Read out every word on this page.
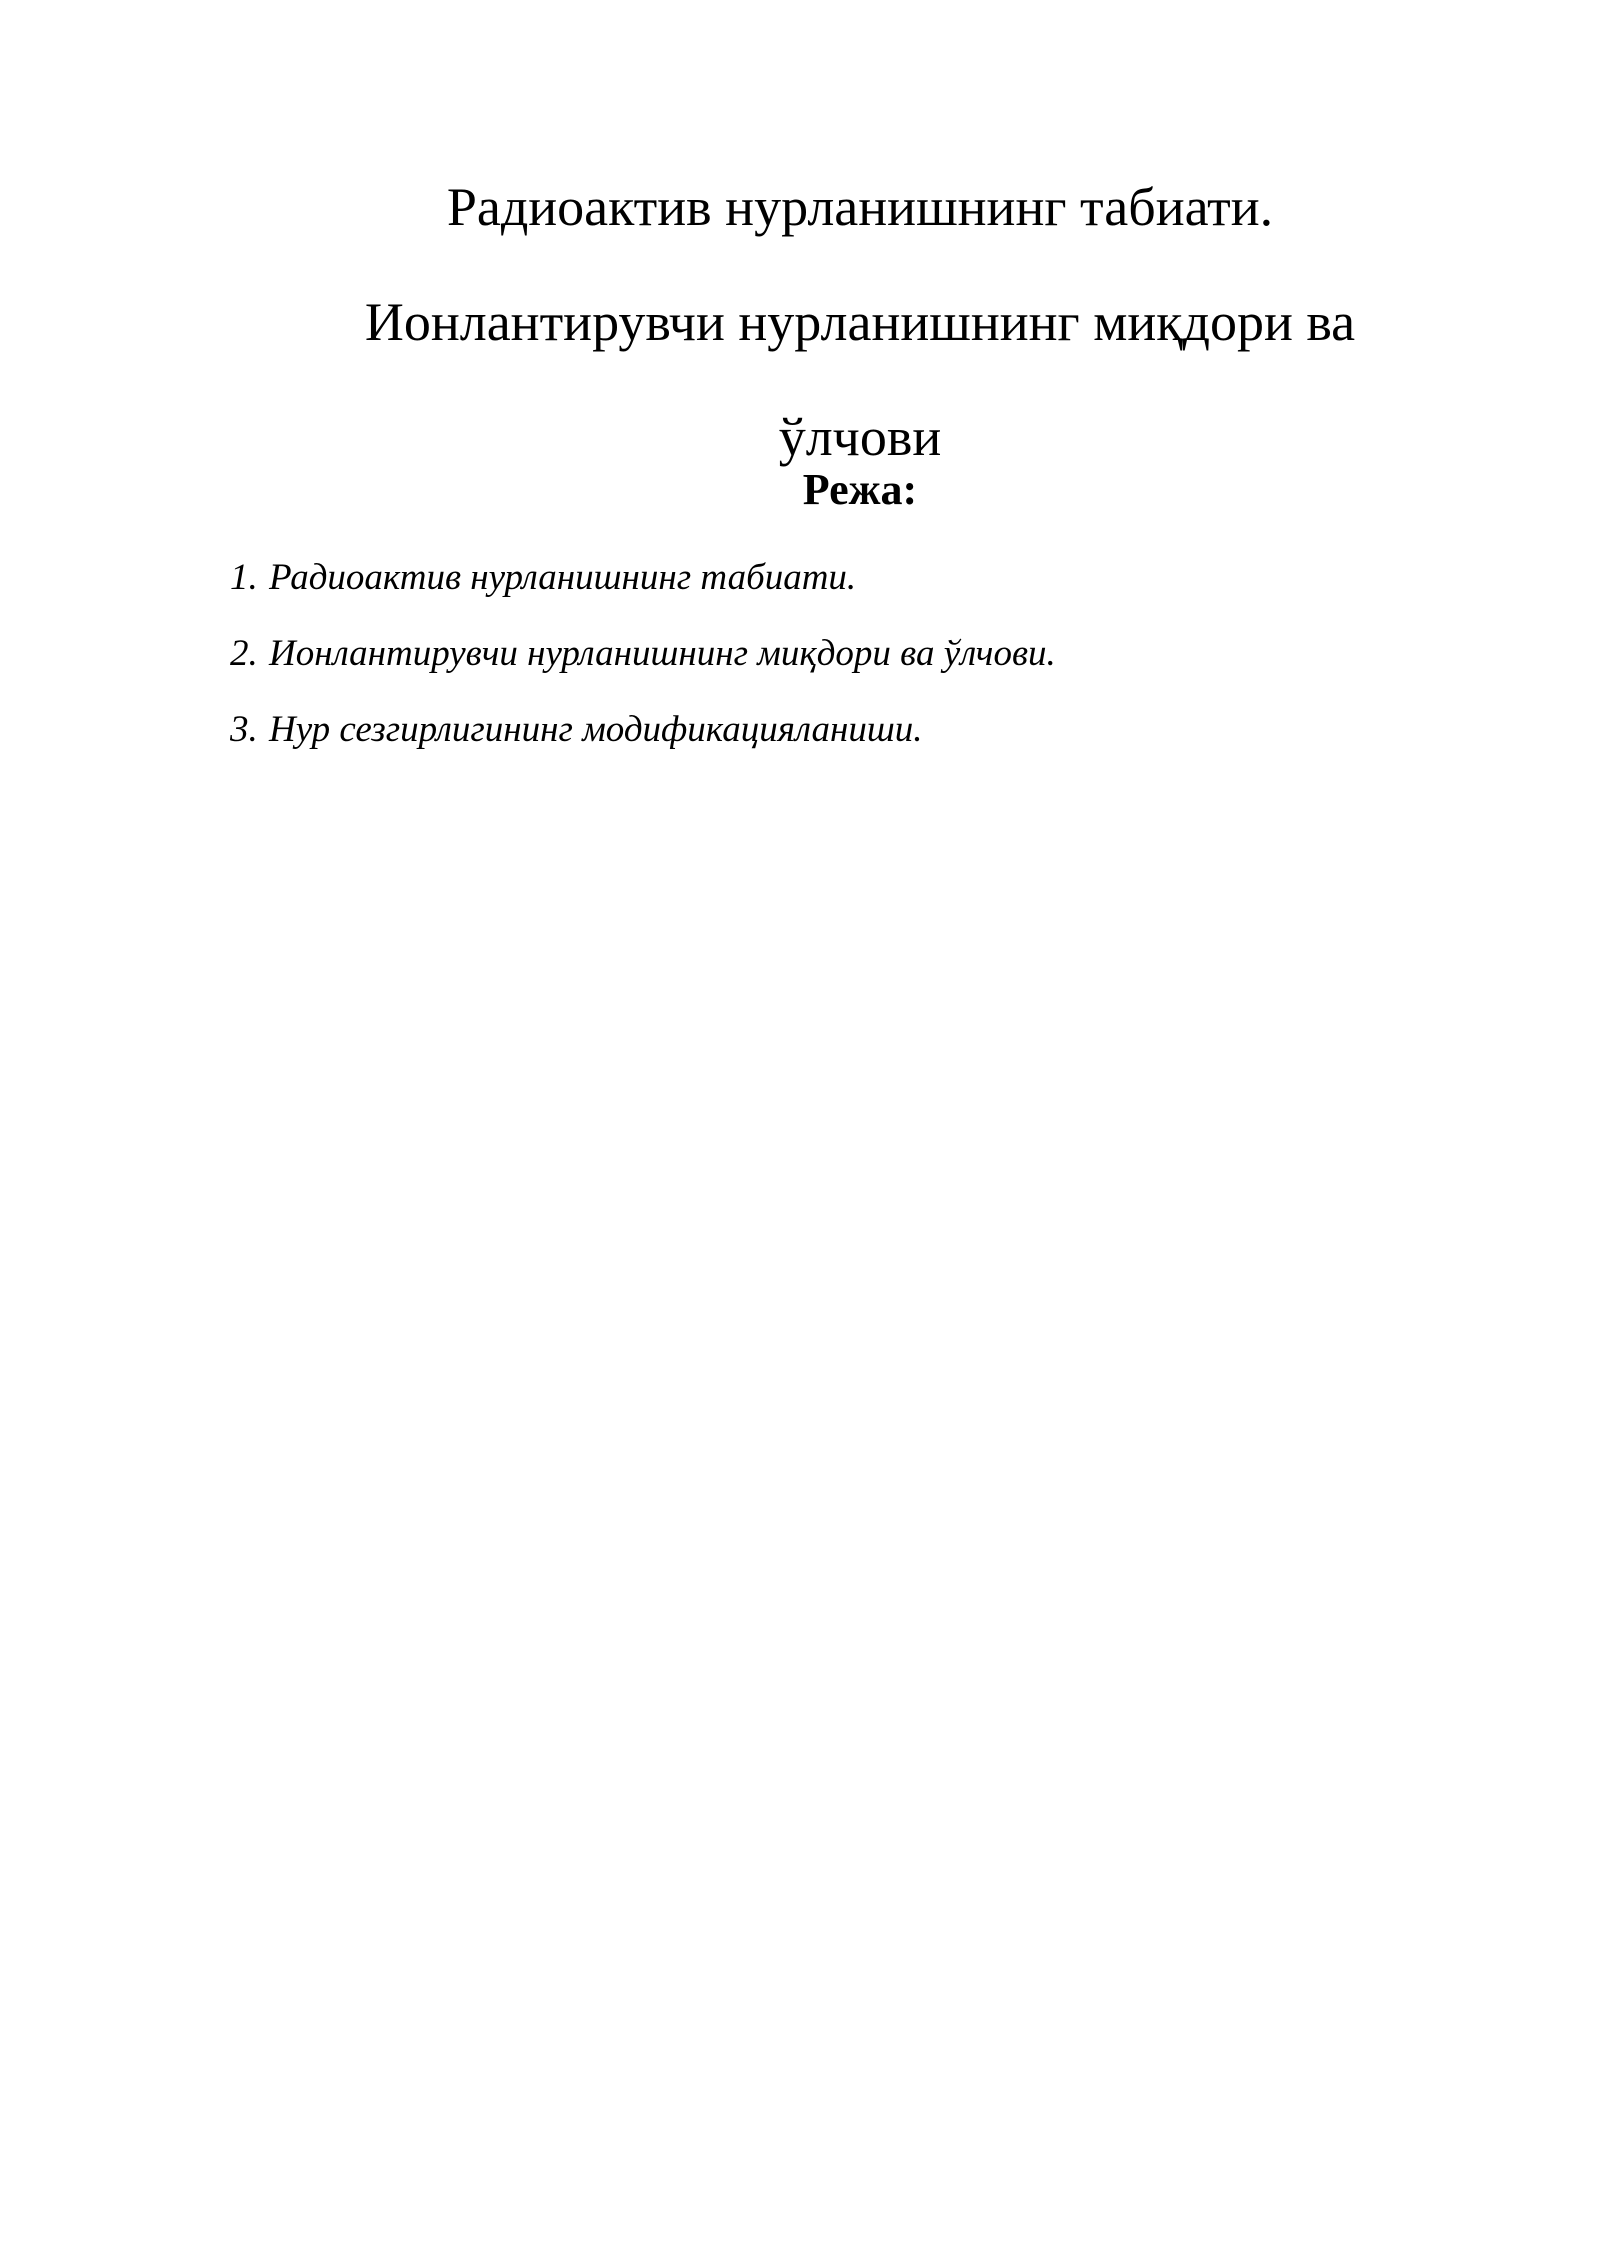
Радиоактив нурланишнинг табиати.
Ионлантирувчи нурланишнинг миқдори ва
ўлчови
Режа:
1. Радиоактив нурланишнинг табиати.
2. Ионлантирувчи нурланишнинг миқдори ва ўлчови.
3. Нур сезгирлигининг модификацияланиши.
